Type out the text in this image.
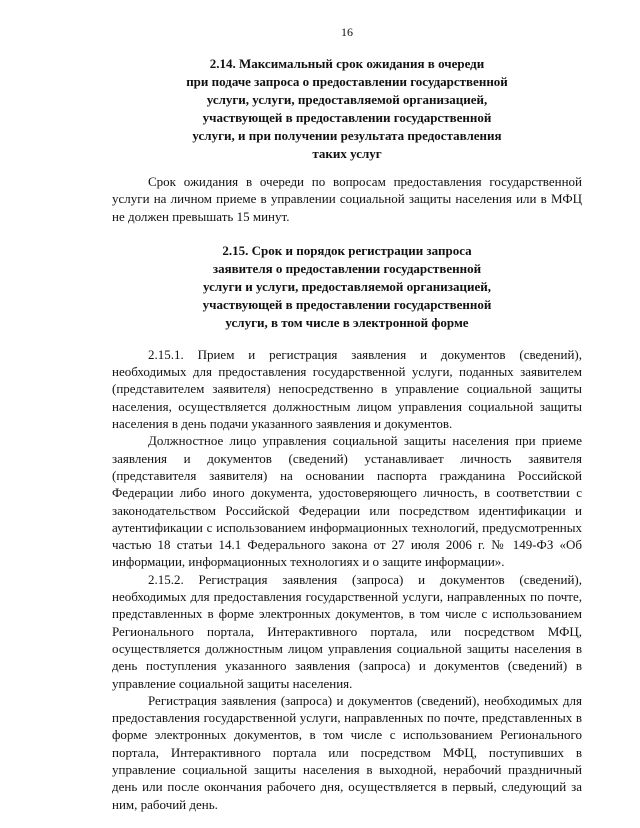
16
2.14. Максимальный срок ожидания в очереди
при подаче запроса о предоставлении государственной
услуги, услуги, предоставляемой организацией,
участвующей в предоставлении государственной
услуги, и при получении результата предоставления
таких услуг

Срок ожидания в очереди по вопросам предоставления государственной услуги на личном приеме в управлении социальной защиты населения или в МФЦ не должен превышать 15 минут.

2.15. Срок и порядок регистрации запроса
заявителя о предоставлении государственной
услуги и услуги, предоставляемой организацией,
участвующей в предоставлении государственной
услуги, в том числе в электронной форме

2.15.1. Прием и регистрация заявления и документов (сведений), необходимых для предоставления государственной услуги, поданных заявителем (представителем заявителя) непосредственно в управление социальной защиты населения, осуществляется должностным лицом управления социальной защиты населения в день подачи указанного заявления и документов.

Должностное лицо управления социальной защиты населения при приеме заявления и документов (сведений) устанавливает личность заявителя (представителя заявителя) на основании паспорта гражданина Российской Федерации либо иного документа, удостоверяющего личность, в соответствии с законодательством Российской Федерации или посредством идентификации и аутентификации с использованием информационных технологий, предусмотренных частью 18 статьи 14.1 Федерального закона от 27 июля 2006 г. № 149-ФЗ «Об информации, информационных технологиях и о защите информации».

2.15.2. Регистрация заявления (запроса) и документов (сведений), необходимых для предоставления государственной услуги, направленных по почте, представленных в форме электронных документов, в том числе с использованием Регионального портала, Интерактивного портала, или посредством МФЦ, осуществляется должностным лицом управления социальной защиты населения в день поступления указанного заявления (запроса) и документов (сведений) в управление социальной защиты населения.

Регистрация заявления (запроса) и документов (сведений), необходимых для предоставления государственной услуги, направленных по почте, представленных в форме электронных документов, в том числе с использованием Регионального портала, Интерактивного портала или посредством МФЦ, поступивших в управление социальной защиты населения в выходной, нерабочий праздничный день или после окончания рабочего дня, осуществляется в первый, следующий за ним, рабочий день.
